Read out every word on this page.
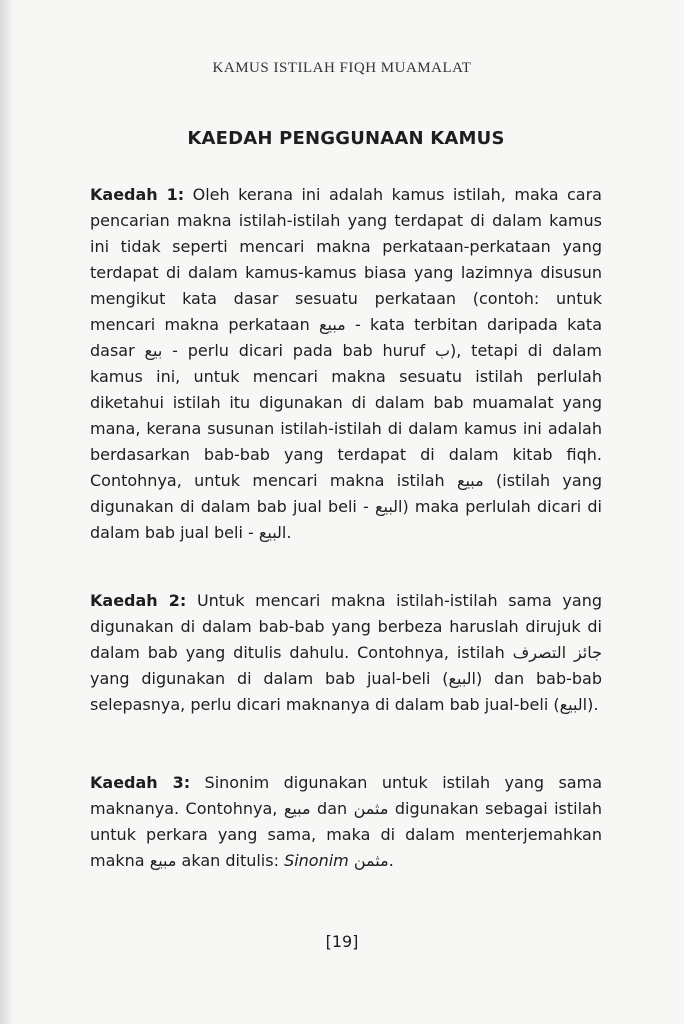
KAMUS ISTILAH FIQH MUAMALAT
KAEDAH PENGGUNAAN KAMUS

Kaedah 1: Oleh kerana ini adalah kamus istilah, maka cara pencarian makna istilah-istilah yang terdapat di dalam kamus ini tidak seperti mencari makna perkataan-perkataan yang terdapat di dalam kamus-kamus biasa yang lazimnya disusun mengikut kata dasar sesuatu perkataan (contoh: untuk mencari makna perkataan مبيع - kata terbitan daripada kata dasar بيع - perlu dicari pada bab huruf ب), tetapi di dalam kamus ini, untuk mencari makna sesuatu istilah perlulah diketahui istilah itu digunakan di dalam bab muamalat yang mana, kerana susunan istilah-istilah di dalam kamus ini adalah berdasarkan bab-bab yang terdapat di dalam kitab fiqh. Contohnya, untuk mencari makna istilah مبيع (istilah yang digunakan di dalam bab jual beli - البيع) maka perlulah dicari di dalam bab jual beli - البيع.

Kaedah 2: Untuk mencari makna istilah-istilah sama yang digunakan di dalam bab-bab yang berbeza haruslah dirujuk di dalam bab yang ditulis dahulu. Contohnya, istilah جائز التصرف yang digunakan di dalam bab jual-beli (البيع) dan bab-bab selepasnya, perlu dicari maknanya di dalam bab jual-beli (البيع).

Kaedah 3: Sinonim digunakan untuk istilah yang sama maknanya. Contohnya, مبيع dan مثمن digunakan sebagai istilah untuk perkara yang sama, maka di dalam menterjemahkan makna مبيع akan ditulis: Sinonim مثمن.

[19]
